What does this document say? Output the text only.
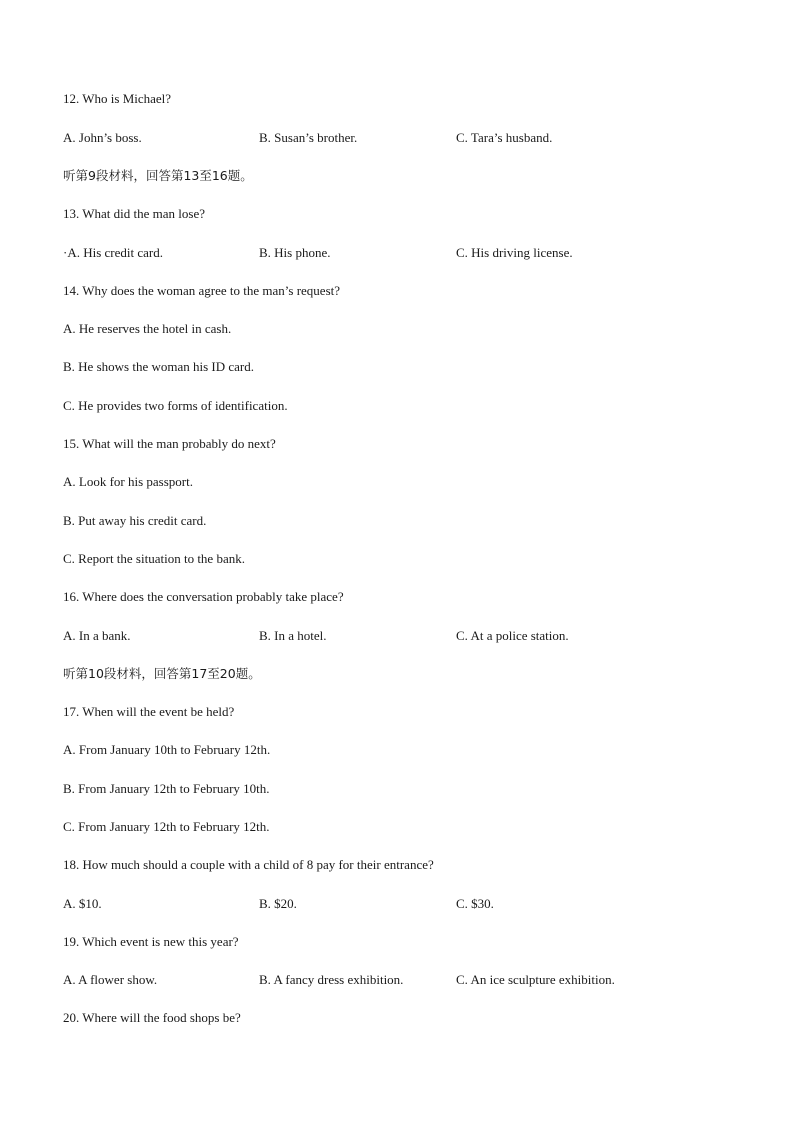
12. Who is Michael?
A. John’s boss.	B. Susan’s brother.	C. Tara’s husband.
听第9段材料，回答第13至16题。
13. What did the man lose?
·A. His credit card.	B. His phone.	C. His driving license.
14. Why does the woman agree to the man’s request?
A. He reserves the hotel in cash.
B. He shows the woman his ID card.
C. He provides two forms of identification.
15. What will the man probably do next?
A. Look for his passport.
B. Put away his credit card.
C. Report the situation to the bank.
16. Where does the conversation probably take place?
A. In a bank.	B. In a hotel.	C. At a police station.
听第10段材料，回答第17至20题。
17. When will the event be held?
A. From January 10th to February 12th.
B. From January 12th to February 10th.
C. From January 12th to February 12th.
18. How much should a couple with a child of 8 pay for their entrance?
A. $10.	B. $20.	C. $30.
19. Which event is new this year?
A. A flower show.	B. A fancy dress exhibition.	C. An ice sculpture exhibition.
20. Where will the food shops be?
